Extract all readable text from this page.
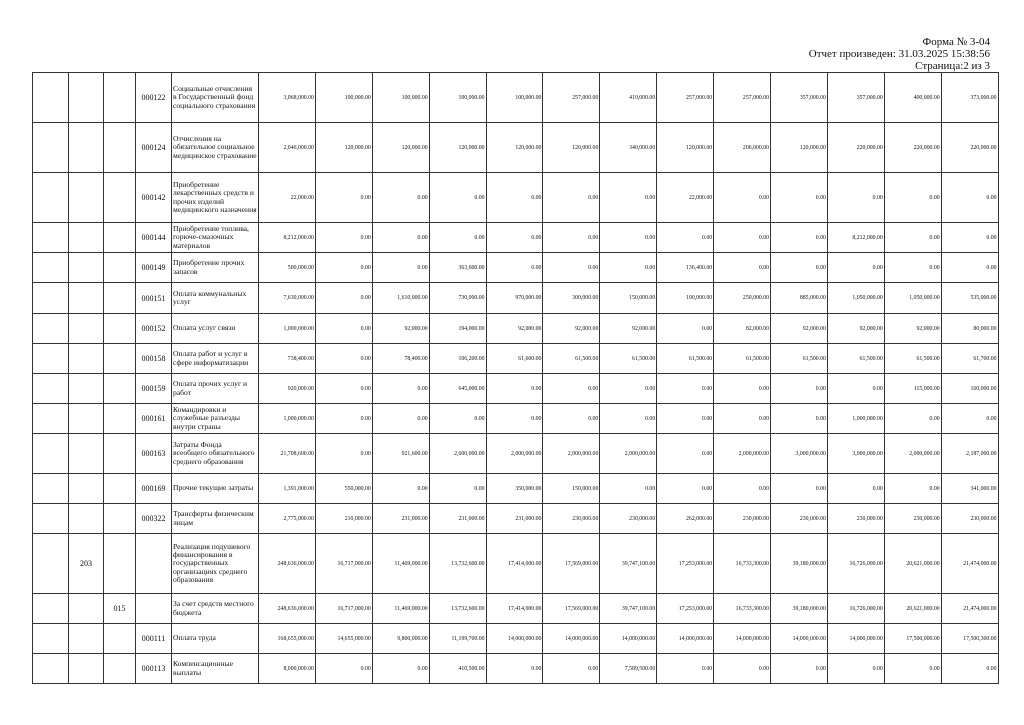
Форма № 3-04
Отчет произведен: 31.03.2025 15:38:56
Страница:2 из 3
			000122	Социальные отчисления в Государственный фонд социального страхования	3,068,000.00	100,000.00	100,000.00	100,000.00	100,000.00	257,000.00	410,000.00	257,000.00	257,000.00	357,000.00	357,000.00	400,000.00	373,000.00
			000124	Отчисления на обязательное социальное медицинское страхование	2,046,000.00	120,000.00	120,000.00	120,000.00	120,000.00	120,000.00	340,000.00	120,000.00	206,000.00	120,000.00	220,000.00	220,000.00	220,000.00
			000142	Приобретение лекарственных средств и прочих изделий медицинского назначения	22,000.00	0.00	0.00	0.00	0.00	0.00	0.00	22,000.00	0.00	0.00	0.00	0.00	0.00
			000144	Приобретение топлива, горюче-смазочных материалов	8,212,000.00	0.00	0.00	0.00	0.00	0.00	0.00	0.00	0.00	0.00	8,212,000.00	0.00	0.00
			000149	Приобретение прочих запасов	500,000.00	0.00	0.00	363,600.00	0.00	0.00	0.00	136,400.00	0.00	0.00	0.00	0.00	0.00
			000151	Оплата коммунальных услуг	7,630,000.00	0.00	1,610,000.00	730,000.00	970,000.00	300,000.00	150,000.00	100,000.00	250,000.00	885,000.00	1,050,000.00	1,050,000.00	535,000.00
			000152	Оплата услуг связи	1,000,000.00	0.00	92,000.00	194,000.00	92,000.00	92,000.00	92,000.00	0.00	82,000.00	92,000.00	92,000.00	92,000.00	80,000.00
			000158	Оплата работ и услуг в сфере информатизации	738,400.00	0.00	78,400.00	106,200.00	61,600.00	61,500.00	61,500.00	61,500.00	61,500.00	61,500.00	61,500.00	61,500.00	61,700.00
			000159	Оплата прочих услуг и работ	920,000.00	0.00	0.00	645,000.00	0.00	0.00	0.00	0.00	0.00	0.00	0.00	115,000.00	160,000.00
			000161	Командировки и служебные разъезды внутри страны	1,000,000.00	0.00	0.00	0.00	0.00	0.00	0.00	0.00	0.00	0.00	1,000,000.00	0.00	0.00
			000163	Затраты Фонда всеобщего обязательного среднего образования	21,708,600.00	0.00	921,600.00	2,600,000.00	2,000,000.00	2,000,000.00	2,000,000.00	0.00	2,000,000.00	3,000,000.00	3,000,000.00	2,000,000.00	2,187,000.00
			000169	Прочие текущие затраты	1,391,000.00	550,000.00	0.00	0.00	350,000.00	150,000.00	0.00	0.00	0.00	0.00	0.00	0.00	341,000.00
			000322	Трансферты физическим лицам	2,775,000.00	210,000.00	231,000.00	231,000.00	231,000.00	230,000.00	230,000.00	262,000.00	230,000.00	230,000.00	230,000.00	230,000.00	230,000.00
	203			Реализация подушевого финансирования в государственных организациях среднего образования	248,636,000.00	16,717,000.00	11,469,000.00	13,732,600.00	17,414,000.00	17,569,000.00	39,747,100.00	17,253,000.00	16,733,300.00	39,180,000.00	16,726,000.00	20,621,000.00	21,474,000.00
		015		За счет средств местного бюджета	248,636,000.00	16,717,000.00	11,469,000.00	13,732,600.00	17,414,000.00	17,569,000.00	39,747,100.00	17,253,000.00	16,733,300.00	39,180,000.00	16,726,000.00	20,621,000.00	21,474,000.00
			000111	Оплата труда	168,655,000.00	14,655,000.00	9,800,000.00	11,199,700.00	14,000,000.00	14,000,000.00	14,000,000.00	14,000,000.00	14,000,000.00	14,000,000.00	14,000,000.00	17,500,000.00	17,500,300.00
			000113	Компенсационные выплаты	8,000,000.00	0.00	0.00	410,500.00	0.00	0.00	7,589,500.00	0.00	0.00	0.00	0.00	0.00	0.00
